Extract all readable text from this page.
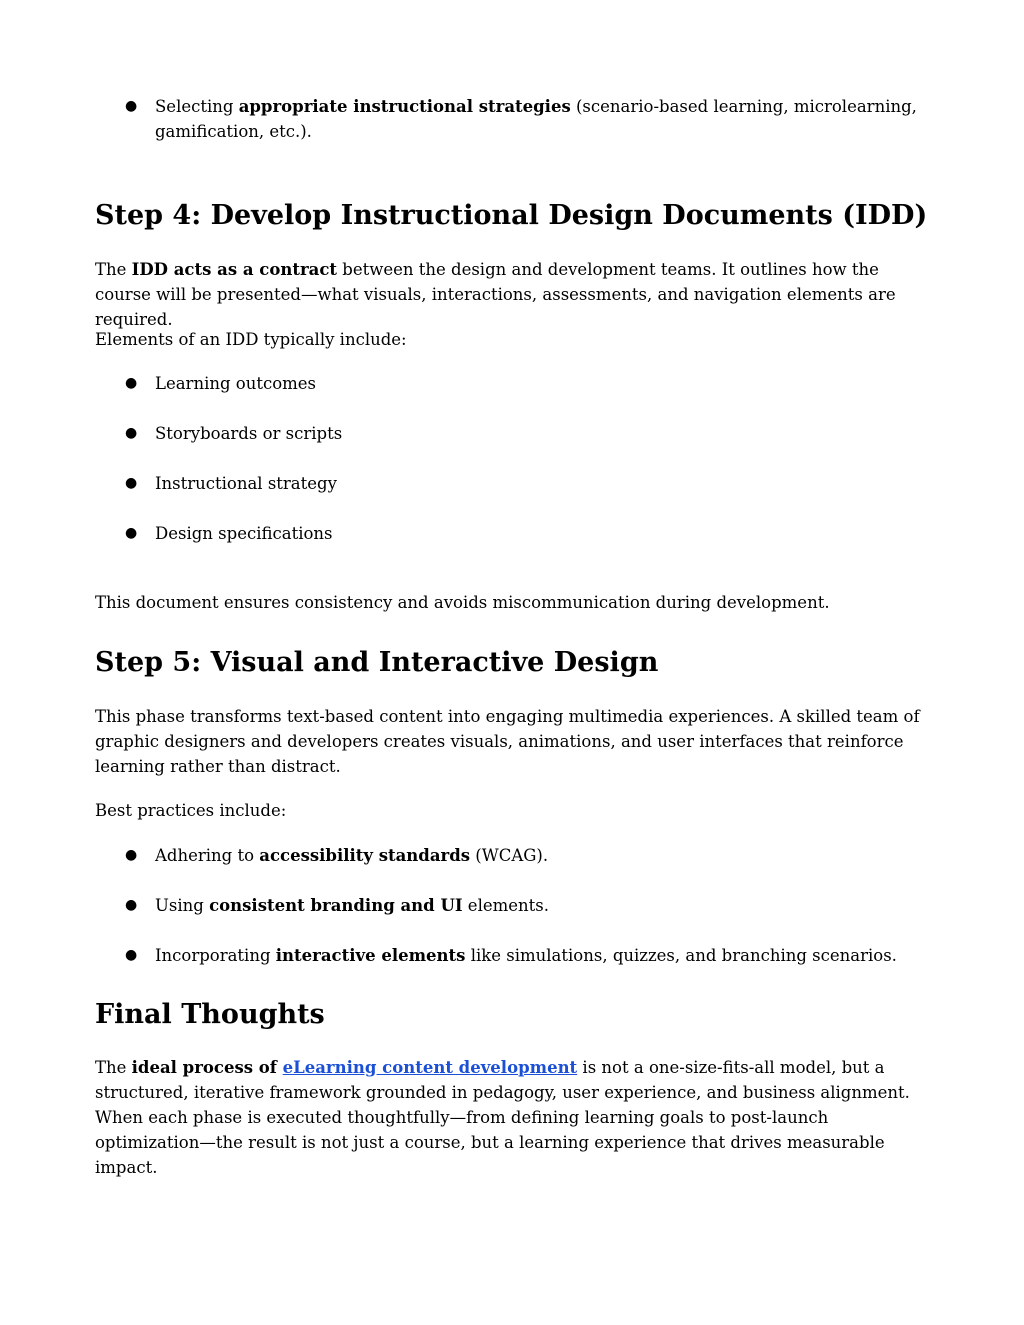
● Selecting appropriate instructional strategies (scenario-based learning, microlearning, gamification, etc.).
Step 4: Develop Instructional Design Documents (IDD)

The IDD acts as a contract between the design and development teams. It outlines how the course will be presented—what visuals, interactions, assessments, and navigation elements are required.

Elements of an IDD typically include:

● Learning outcomes
● Storyboards or scripts
● Instructional strategy
● Design specifications

This document ensures consistency and avoids miscommunication during development.

Step 5: Visual and Interactive Design

This phase transforms text-based content into engaging multimedia experiences. A skilled team of graphic designers and developers creates visuals, animations, and user interfaces that reinforce learning rather than distract.

Best practices include:

● Adhering to accessibility standards (WCAG).
● Using consistent branding and UI elements.
● Incorporating interactive elements like simulations, quizzes, and branching scenarios.
Final Thoughts

The ideal process of eLearning content development is not a one-size-fits-all model, but a structured, iterative framework grounded in pedagogy, user experience, and business alignment. When each phase is executed thoughtfully—from defining learning goals to post-launch optimization—the result is not just a course, but a learning experience that drives measurable impact.
